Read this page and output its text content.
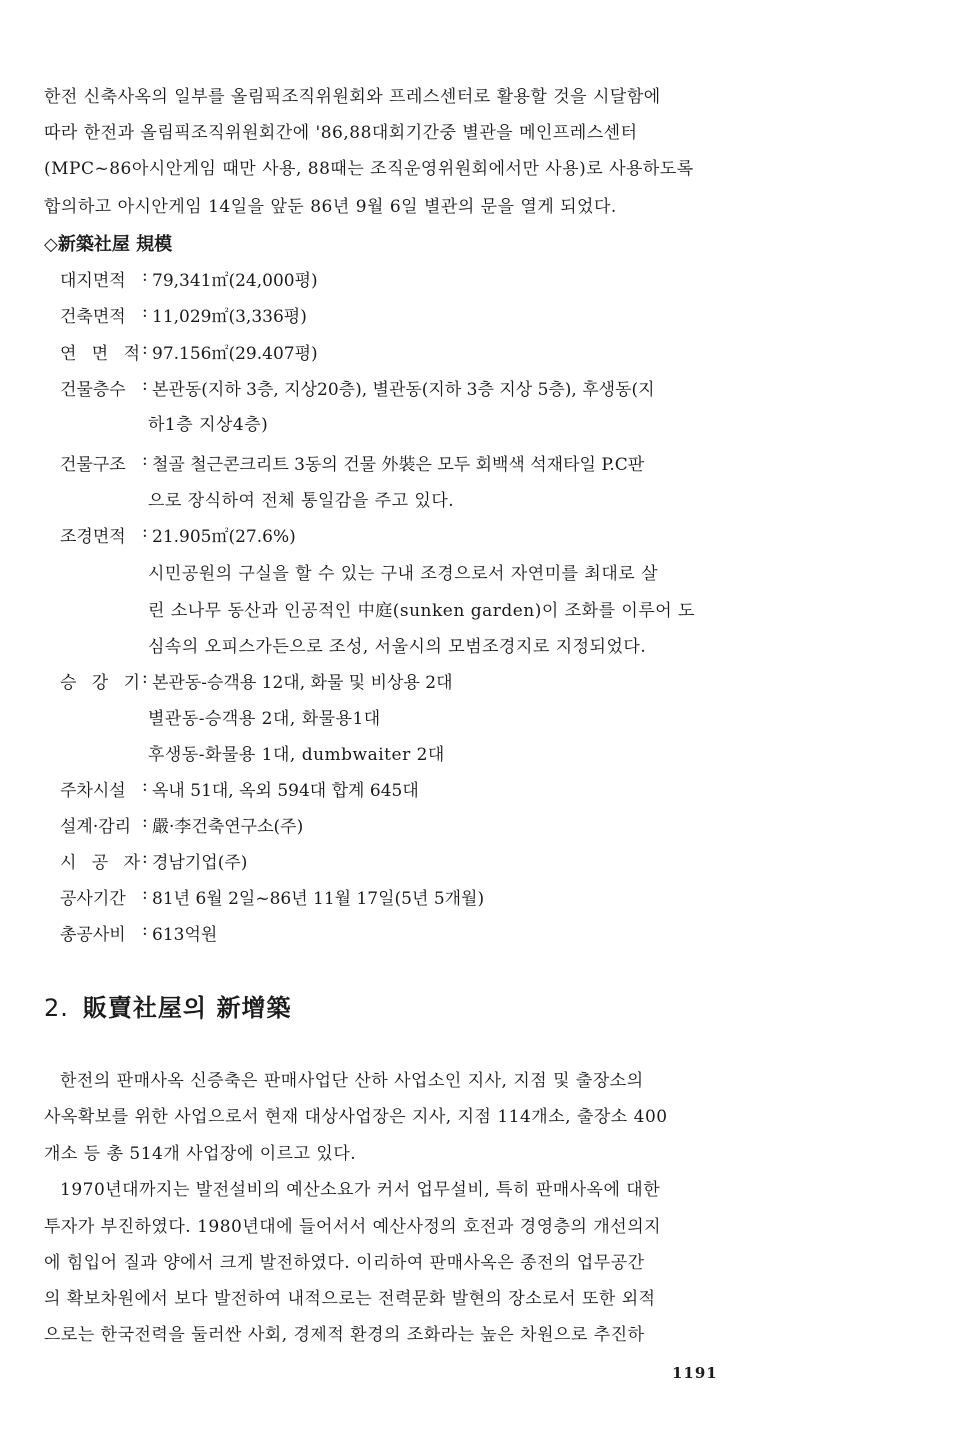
한전 신축사옥의 일부를 올림픽조직위원회와 프레스센터로 활용할 것을 시달함에
따라 한전과 올림픽조직위원회간에 '86,88대회기간중 별관을 메인프레스센터
(MPC~86아시안게임 때만 사용, 88때는 조직운영위원회에서만 사용)로 사용하도록
합의하고 아시안게임 14일을 앞둔 86년 9월 6일 별관의 문을 열게 되었다.
◇新築社屋 規模
대지면적 : 79,341㎡(24,000평)
건축면적 : 11,029㎡(3,336평)
연 면 적 : 97.156㎡(29.407평)
건물층수 : 본관동(지하 3층, 지상20층), 별관동(지하 3층 지상 5층), 후생동(지
하1층 지상4층)
건물구조 : 철골 철근콘크리트 3동의 건물 外裝은 모두 회백색 석재타일 P.C판
으로 장식하여 전체 통일감을 주고 있다.
조경면적 : 21.905㎡(27.6%)
시민공원의 구실을 할 수 있는 구내 조경으로서 자연미를 최대로 살
린 소나무 동산과 인공적인 中庭(sunken garden)이 조화를 이루어 도
심속의 오피스가든으로 조성, 서울시의 모범조경지로 지정되었다.
승 강 기 : 본관동-승객용 12대, 화물 및 비상용 2대
별관동-승객용 2대, 화물용1대
후생동-화물용 1대, dumbwaiter 2대
주차시설 : 옥내 51대, 옥외 594대 합계 645대
설계·감리 : 嚴·李건축연구소(주)
시 공 자 : 경남기업(주)
공사기간 : 81년 6월 2일~86년 11월 17일(5년 5개월)
총공사비 : 613억원
2. 販賣社屋의 新增築
한전의 판매사옥 신증축은 판매사업단 산하 사업소인 지사, 지점 및 출장소의
사옥확보를 위한 사업으로서 현재 대상사업장은 지사, 지점 114개소, 출장소 400
개소 등 총 514개 사업장에 이르고 있다.
1970년대까지는 발전설비의 예산소요가 커서 업무설비, 특히 판매사옥에 대한
투자가 부진하였다. 1980년대에 들어서서 예산사정의 호전과 경영층의 개선의지
에 힘입어 질과 양에서 크게 발전하였다. 이리하여 판매사옥은 종전의 업무공간
의 확보차원에서 보다 발전하여 내적으로는 전력문화 발현의 장소로서 또한 외적
으로는 한국전력을 둘러싼 사회, 경제적 환경의 조화라는 높은 차원으로 추진하
1191
